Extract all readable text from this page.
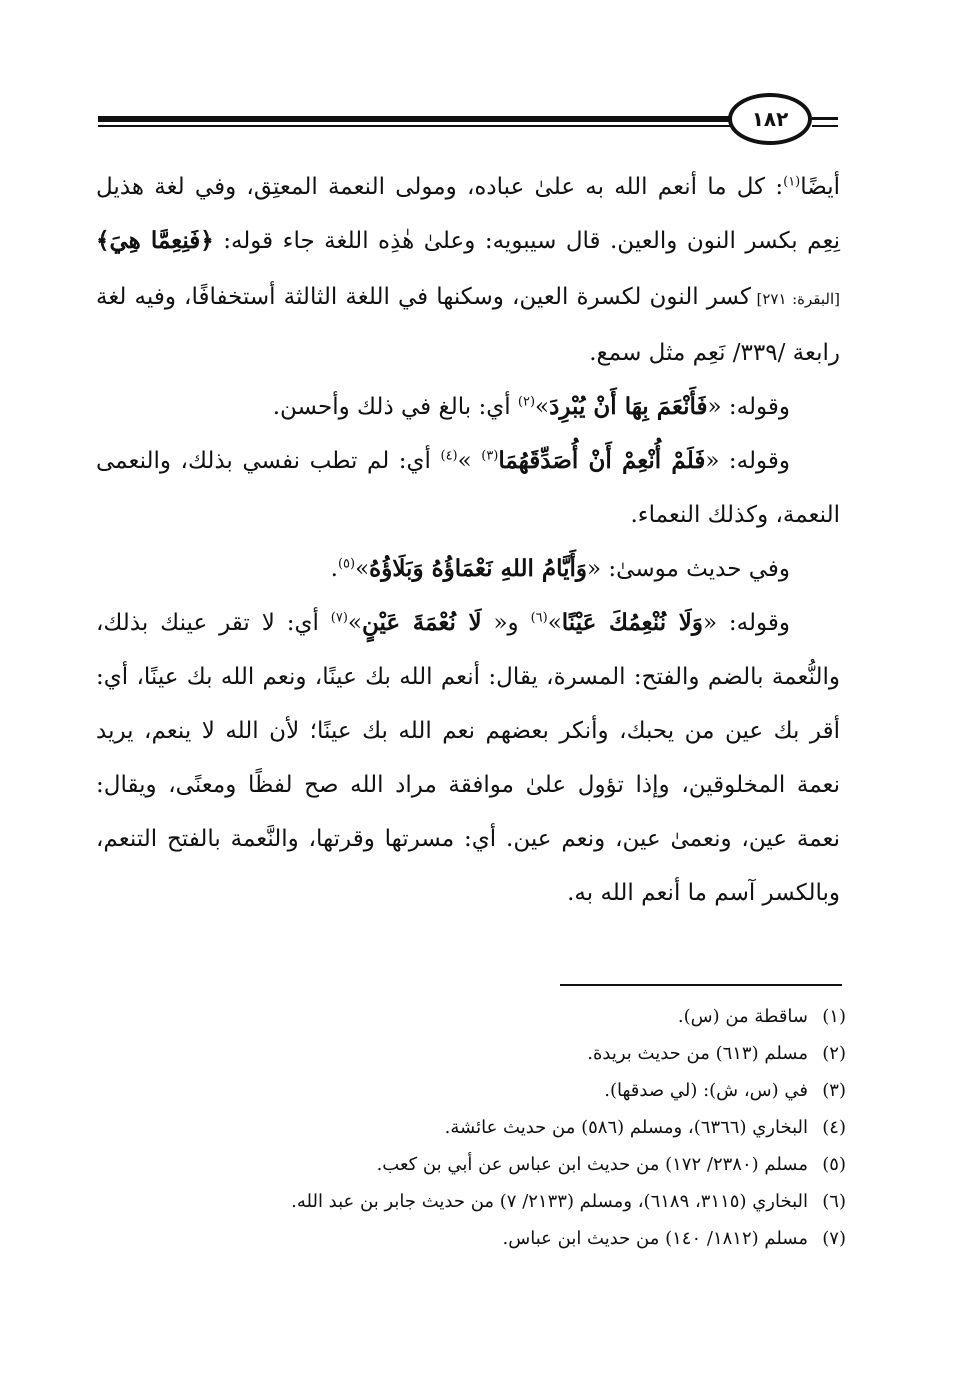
١٨٢

أيضًا$^{(١)}$: كل ما أنعم الله به علىٰ عباده، ومولى النعمة المعتِق، وفي لغة هذيل نِعِم بكسر النون والعين. قال سيبويه: وعلىٰ هٰذِه اللغة جاء قوله: ﴿فَنِعِمَّا هِيَ﴾ [البقرة: ٢٧١] كسر النون لكسرة العين، وسكنها في اللغة الثالثة أستخفافًا، وفيه لغة رابعة /٣٣٩/ نَعِم مثل سمع.

وقوله: «فَأَنْعَمَ بِهَا أَنْ يُبْرِدَ»$^{(٢)}$ أي: بالغ في ذلك وأحسن.

وقوله: «فَلَمْ أُنْعِمْ أَنْ أُصَدِّقَهُمَا$^{(٣)}$ »$^{(٤)}$ أي: لم تطب نفسي بذلك، والنعمى النعمة، وكذلك النعماء.

وفي حديث موسىٰ: «وَأَيَّامُ اللهِ نَعْمَاؤُهُ وَبَلَاؤُهُ»$^{(٥)}$.

وقوله: «وَلَا نُنْعِمُكَ عَيْنًا»$^{(٦)}$ و« لَا نُعْمَةَ عَيْنٍ»$^{(٧)}$ أي: لا تقر عينك بذلك، والنُّعمة بالضم والفتح: المسرة، يقال: أنعم الله بك عينًا، ونعم الله بك عينًا، أي: أقر بك عين من يحبك، وأنكر بعضهم نعم الله بك عينًا؛ لأن الله لا ينعم، يريد نعمة المخلوقين، وإذا تؤول علىٰ موافقة مراد الله صح لفظًا ومعنًى، ويقال: نعمة عين، ونعمىٰ عين، ونعم عين. أي: مسرتها وقرتها، والنَّعمة بالفتح التنعم، وبالكسر آسم ما أنعم الله به.

(١)ساقطة من (س).
(٢)مسلم (٦١٣) من حديث بريدة.
(٣)في (س، ش): (لي صدقها).
(٤)البخاري (٦٣٦٦)، ومسلم (٥٨٦) من حديث عائشة.
(٥)مسلم (٢٣٨٠/ ١٧٢) من حديث ابن عباس عن أبي بن كعب.
(٦)البخاري (٣١١٥، ٦١٨٩)، ومسلم (٢١٣٣/ ٧) من حديث جابر بن عبد الله.
(٧)مسلم (١٨١٢/ ١٤٠) من حديث ابن عباس.
